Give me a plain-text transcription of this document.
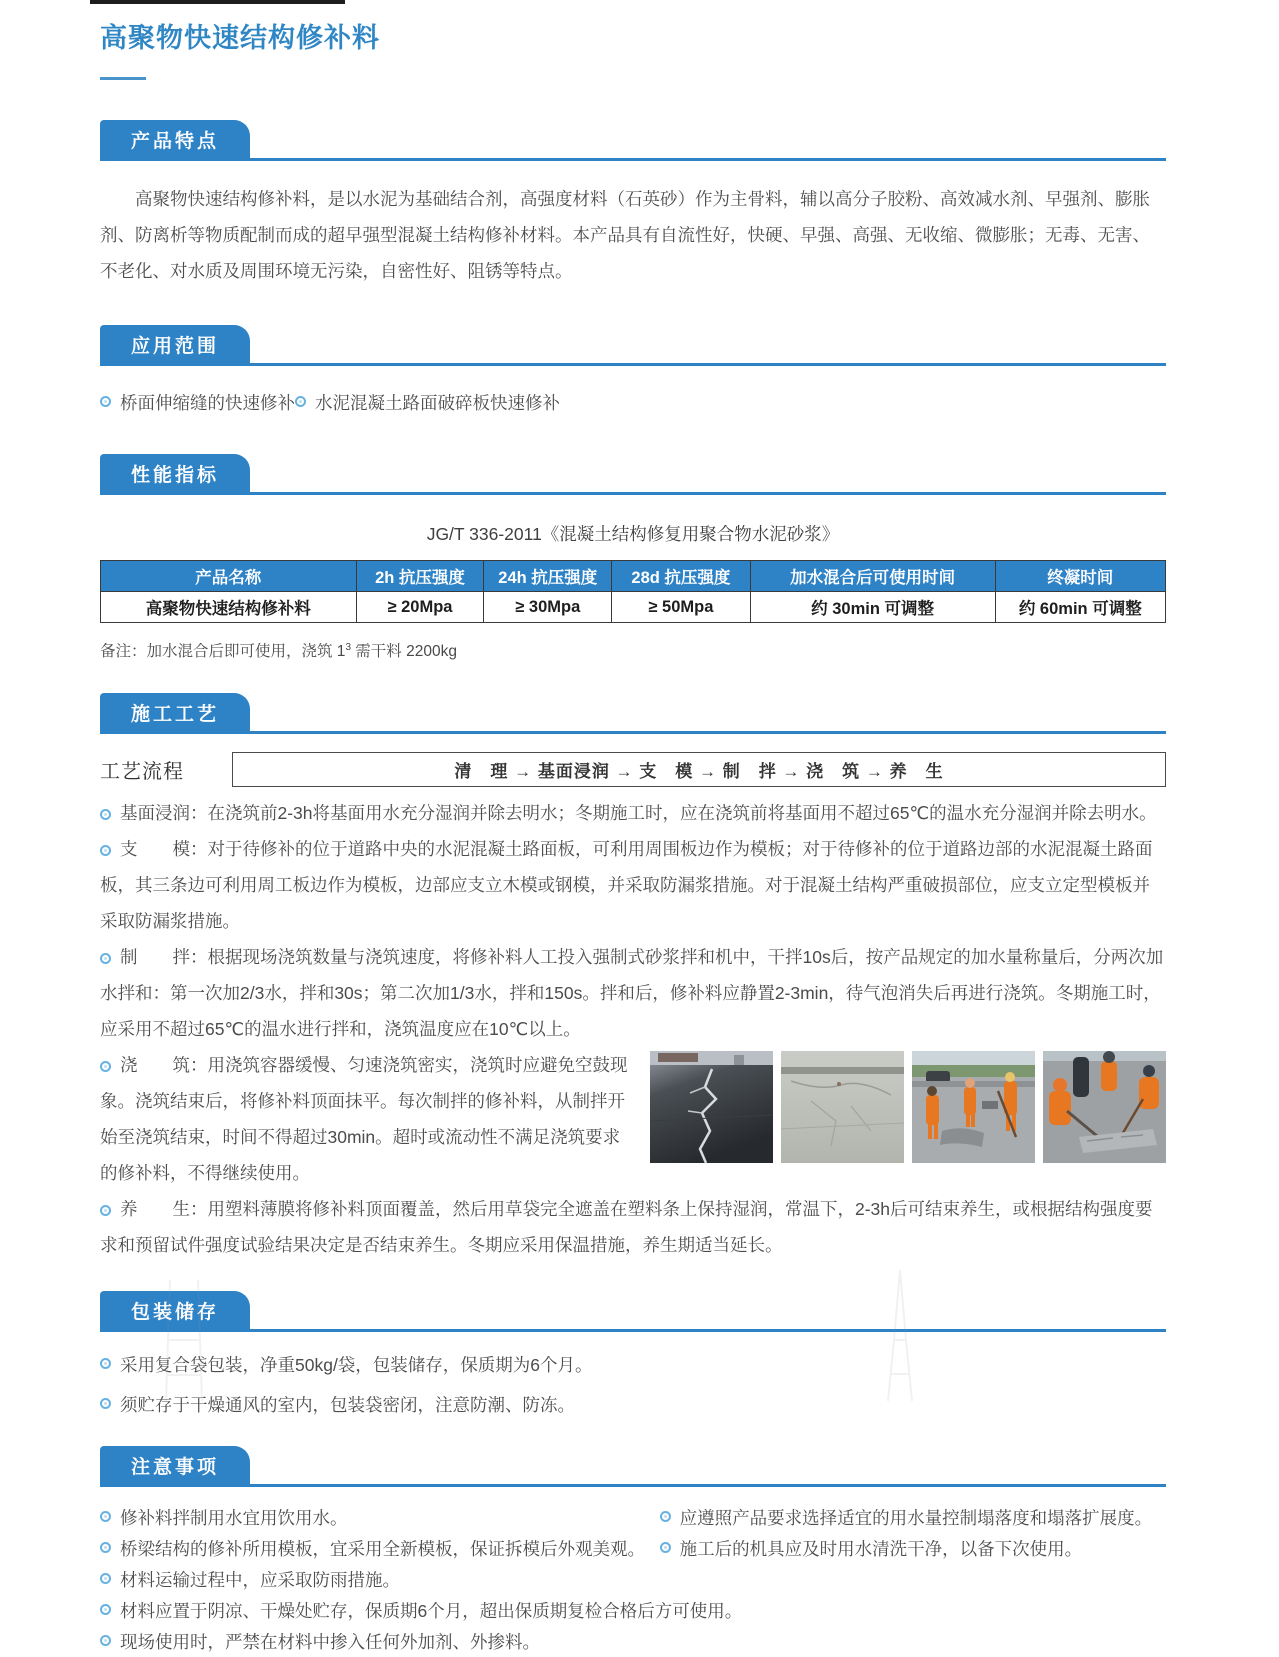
高聚物快速结构修补料
产品特点

高聚物快速结构修补料，是以水泥为基础结合剂，高强度材料（石英砂）作为主骨料，辅以高分子胶粉、高效减水剂、早强剂、膨胀剂、防离析等物质配制而成的超早强型混凝土结构修补材料。本产品具有自流性好，快硬、早强、高强、无收缩、微膨胀；无毒、无害、不老化、对水质及周围环境无污染，自密性好、阻锈等特点。

应用范围
桥面伸缩缝的快速修补 水泥混凝土路面破碎板快速修补
性能指标
JG/T 336-2011《混凝土结构修复用聚合物水泥砂浆》
产品名称	2h 抗压强度	24h 抗压强度	28d 抗压强度	加水混合后可使用时间	终凝时间
高聚物快速结构修补料	≥ 20Mpa	≥ 30Mpa	≥ 50Mpa	约 30min 可调整	约 60min 可调整
备注：加水混合后即可使用，浇筑 $1^3$ 需干料 2200kg
施工工艺
工艺流程	清　理 → 基面浸润 → 支　模 → 制　拌 → 浇　筑 → 养　生

基面浸润：在浇筑前2-3h将基面用水充分湿润并除去明水；冬期施工时，应在浇筑前将基面用不超过65℃的温水充分湿润并除去明水。

支　　模：对于待修补的位于道路中央的水泥混凝土路面板，可利用周围板边作为模板；对于待修补的位于道路边部的水泥混凝土路面板，其三条边可利用周工板边作为模板，边部应支立木模或钢模，并采取防漏浆措施。对于混凝土结构严重破损部位，应支立定型模板并采取防漏浆措施。

制　　拌：根据现场浇筑数量与浇筑速度，将修补料人工投入强制式砂浆拌和机中，干拌10s后，按产品规定的加水量称量后，分两次加水拌和：第一次加2/3水，拌和30s；第二次加1/3水，拌和150s。拌和后，修补料应静置2-3min，待气泡消失后再进行浇筑。冬期施工时，应采用不超过65℃的温水进行拌和，浇筑温度应在10℃以上。

浇　　筑：用浇筑容器缓慢、匀速浇筑密实，浇筑时应避免空鼓现象。浇筑结束后，将修补料顶面抹平。每次制拌的修补料，从制拌开始至浇筑结束，时间不得超过30min。超时或流动性不满足浇筑要求的修补料，不得继续使用。

养　　生：用塑料薄膜将修补料顶面覆盖，然后用草袋完全遮盖在塑料条上保持湿润，常温下，2-3h后可结束养生，或根据结构强度要求和预留试件强度试验结果决定是否结束养生。冬期应采用保温措施，养生期适当延长。

包装储存
采用复合袋包装，净重50kg/袋，包装储存，保质期为6个月。
须贮存于干燥通风的室内，包装袋密闭，注意防潮、防冻。
注意事项
修补料拌制用水宜用饮用水。	应遵照产品要求选择适宜的用水量控制塌落度和塌落扩展度。
桥梁结构的修补所用模板，宜采用全新模板，保证拆模后外观美观。 施工后的机具应及时用水清洗干净，以备下次使用。
材料运输过程中，应采取防雨措施。
材料应置于阴凉、干燥处贮存，保质期6个月，超出保质期复检合格后方可使用。
现场使用时，严禁在材料中掺入任何外加剂、外掺料。
